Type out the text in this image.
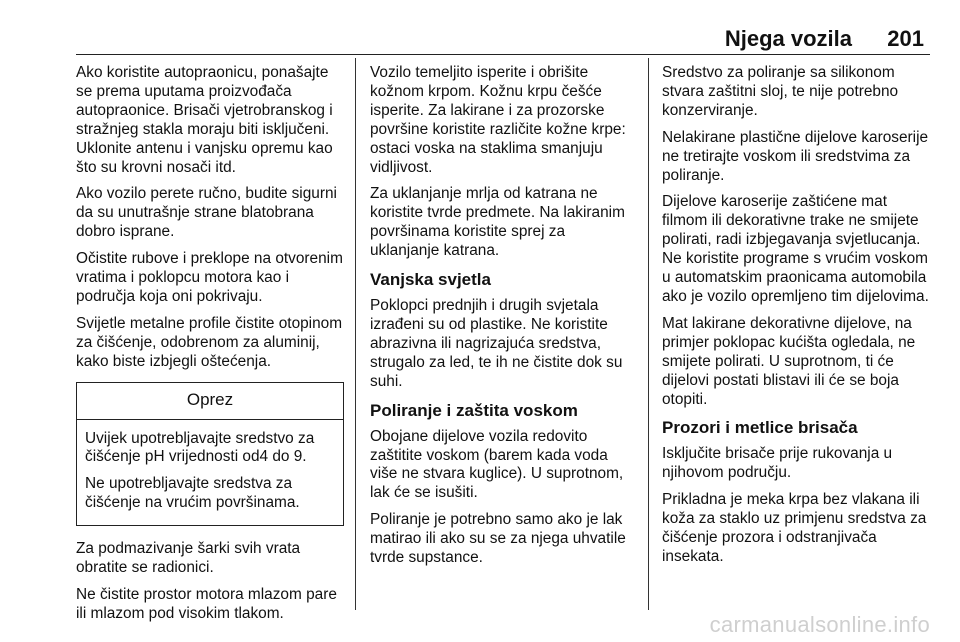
Njega vozila 201

Ako koristite autopraonicu, ponašajte se prema uputama proizvođača autopraonice. Brisači vjetrobranskog i stražnjeg stakla moraju biti isključeni. Uklonite antenu i vanjsku opremu kao što su krovni nosači itd.

Ako vozilo perete ručno, budite sigurni da su unutrašnje strane blatobrana dobro isprane.

Očistite rubove i preklope na otvorenim vratima i poklopcu motora kao i područja koja oni pokrivaju.

Svijetle metalne profile čistite otopinom za čišćenje, odobrenom za aluminij, kako biste izbjegli oštećenja.

Oprez

Uvijek upotrebljavajte sredstvo za čišćenje pH vrijednosti od4 do 9.

Ne upotrebljavajte sredstva za čišćenje na vrućim površinama.

Za podmazivanje šarki svih vrata obratite se radionici.

Ne čistite prostor motora mlazom pare ili mlazom pod visokim tlakom.

Vozilo temeljito isperite i obrišite kožnom krpom. Kožnu krpu češće isperite. Za lakirane i za prozorske površine koristite različite kožne krpe: ostaci voska na staklima smanjuju vidljivost.

Za uklanjanje mrlja od katrana ne koristite tvrde predmete. Na lakiranim površinama koristite sprej za uklanjanje katrana.

Vanjska svjetla

Poklopci prednjih i drugih svjetala izrađeni su od plastike. Ne koristite abrazivna ili nagrizajuća sredstva, strugalo za led, te ih ne čistite dok su suhi.

Poliranje i zaštita voskom

Obojane dijelove vozila redovito zaštitite voskom (barem kada voda više ne stvara kuglice). U suprotnom, lak će se isušiti.

Poliranje je potrebno samo ako je lak matirao ili ako su se za njega uhvatile tvrde supstance.

Sredstvo za poliranje sa silikonom stvara zaštitni sloj, te nije potrebno konzerviranje.

Nelakirane plastične dijelove karoserije ne tretirajte voskom ili sredstvima za poliranje.

Dijelove karoserije zaštićene mat filmom ili dekorativne trake ne smijete polirati, radi izbjegavanja svjetlucanja. Ne koristite programe s vrućim voskom u automatskim praonicama automobila ako je vozilo opremljeno tim dijelovima.

Mat lakirane dekorativne dijelove, na primjer poklopac kućišta ogledala, ne smijete polirati. U suprotnom, ti će dijelovi postati blistavi ili će se boja otopiti.

Prozori i metlice brisača

Isključite brisače prije rukovanja u njihovom području.

Prikladna je meka krpa bez vlakana ili koža za staklo uz primjenu sredstva za čišćenje prozora i odstranjivača insekata.

carmanualsonline.info
